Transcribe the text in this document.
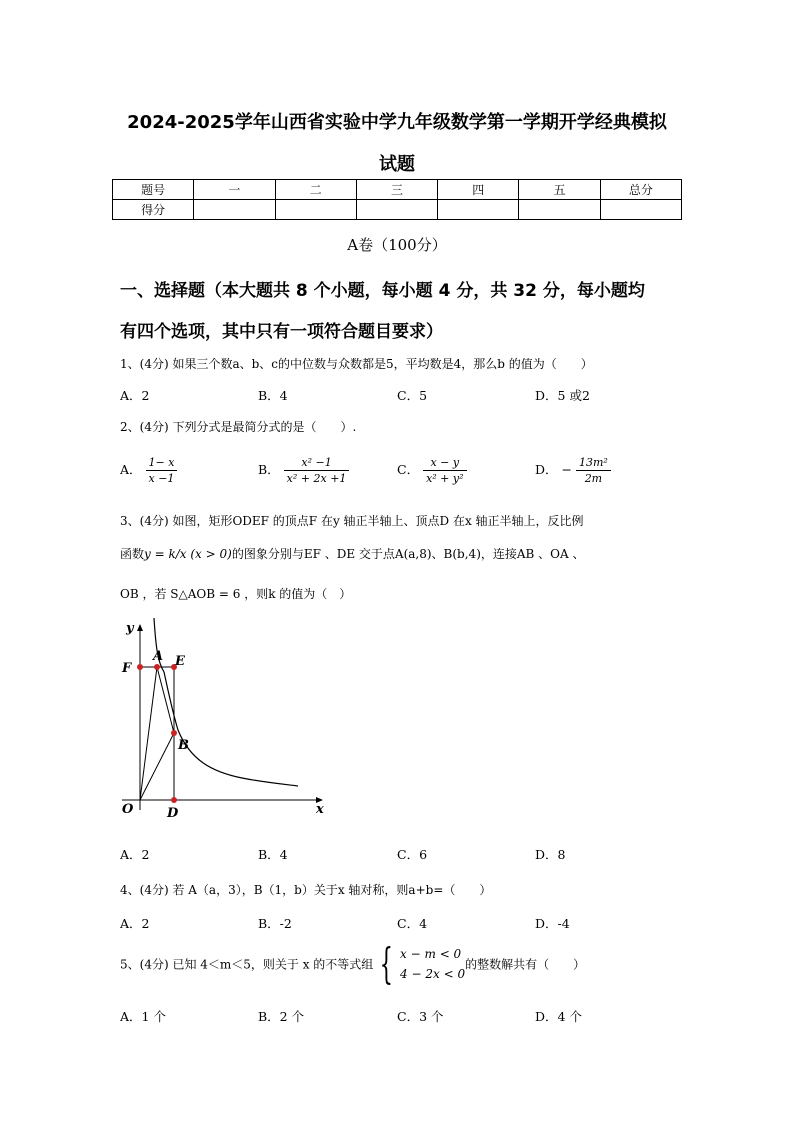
2024-2025学年山西省实验中学九年级数学第一学期开学经典模拟
试题
题号	一	二	三	四	五	总分
得分						
A卷（100分）
一、选择题（本大题共 8 个小题，每小题 4 分，共 32 分，每小题均
有四个选项，其中只有一项符合题目要求）
1、(4分) 如果三个数a、b、c的中位数与众数都是5，平均数是4，那么b 的值为（　　）
A．2	B．4	C．5	D．5 或2
2、(4分) 下列分式是最简分式的是（　　）.
A． $\frac{1- x}{x -1}$	B． $\frac{\text{x² −1}}{\text{x² + 2x +1}}$	C． $\frac{x - y}{\text{x² + y²}}$	D． − $\frac{\text{13m²}}{2m}$
3、(4分) 如图，矩形ODEF 的顶点F 在y 轴正半轴上、顶点D 在x 轴正半轴上，反比例
函数y = k/x (x > 0)的图象分别与EF 、DE 交于点A(a,8)、B(b,4)，连接AB 、OA 、
OB ，若 S△AOB = 6 ，则k 的值为（　）
y
x
O
F
A E
B
D
A．2	B．4	C．6	D．8
4、(4分) 若 A（a，3），B（1，b）关于x 轴对称，则a+b=（　　）
A．2	B．-2	C．4	D．-4
5、(4分) 已知 4＜m＜5，则关于 x 的不等式组 { x − m < 0
4 − 2x < 0
的整数解共有（　　）
A．1 个	B．2 个	C．3 个	D．4 个
